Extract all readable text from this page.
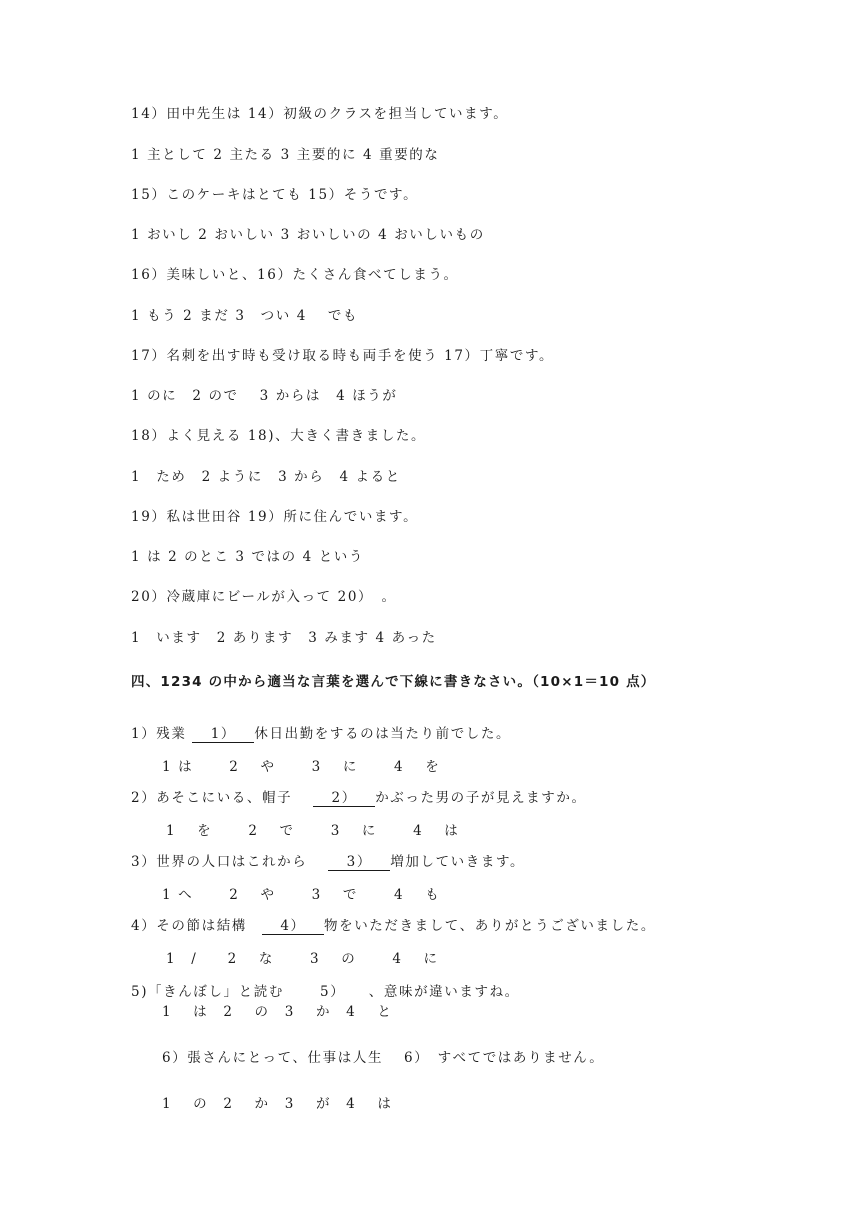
14）田中先生は 14）初級のクラスを担当しています。
1 主として 2 主たる 3 主要的に 4 重要的な
15）このケーキはとても 15）そうです。
1 おいし 2 おいしい 3 おいしいの 4 おいしいもの
16）美味しいと、16）たくさん食べてしまう。
1 もう 2 まだ 3　つい 4　 でも
17）名刺を出す時も受け取る時も両手を使う 17）丁寧です。
1 のに　2 ので　 3 からは　4 ほうが
18）よく見える 18)、大きく書きました。
1　ため　2 ように　3 から　4 よると
19）私は世田谷 19）所に住んでいます。
1 は 2 のとこ 3 ではの 4 という
20）冷蔵庫にビールが入って 20）　。
1　います　2 あります　3 みます 4 あった
四、1234 の中から適当な言葉を選んで下線に書きなさい。（10×1＝10 点）
1）残業 1） 休日出勤をするのは当たり前でした。
1 は　　 2　 や　　 3　 に　　 4　 を
2）あそこにいる、帽子　 2） かぶった男の子が見えますか。
1　 を　　 2　 で　　 3　 に　　 4　 は
3）世界の人口はこれから　 3） 増加していきます。
1 へ　　 2　 や　　 3　 で　　 4　 も
4）その節は結構　4） 物をいただきまして、ありがとうございました。
1　/　　2　 な　　 3　 の　　 4　 に
5)「きんぼし」と読む　　 5）　　、意味が違いますね。
1　 は　2　 の　3　 か　4　 と
6）張さんにとって、仕事は人生　 6）　すべてではありません。
1　 の　2　 か　3　 が　4　 は
